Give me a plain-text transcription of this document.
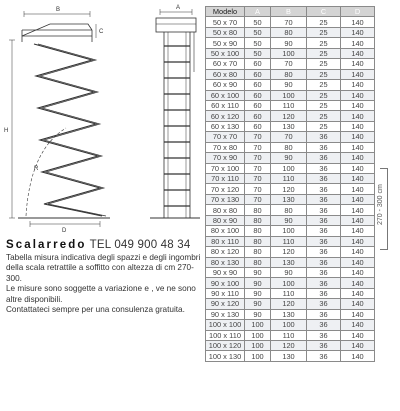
B
C
H
D
R
A
Scalarredo TEL 049 900 48 34

Tabella misura indicativa degli spazzi e degli ingombri della scala retrattile a soffitto con altezza di cm 270-300.

Le misure sono soggette a variazione e , ve ne sono altre disponibili.

Contattateci sempre per una consulenza gratuita.

Modelo	A	B	C	D
50 x 70	50	70	25	140
50 x 80	50	80	25	140
50 x 90	50	90	25	140
50 x 100	50	100	25	140
60 x 70	60	70	25	140
60 x 80	60	80	25	140
60 x 90	60	90	25	140
60 x 100	60	100	25	140
60 x 110	60	110	25	140
60 x 120	60	120	25	140
60 x 130	60	130	25	140
70 x 70	70	70	36	140
70 x 80	70	80	36	140
70 x 90	70	90	36	140
70 x 100	70	100	36	140
70 x 110	70	110	36	140
70 x 120	70	120	36	140
70 x 130	70	130	36	140
80 x 80	80	80	36	140
80 x 90	80	90	36	140
80 x 100	80	100	36	140
80 x 110	80	110	36	140
80 x 120	80	120	36	140
80 x 130	80	130	36	140
90 x 90	90	90	36	140
90 x 100	90	100	36	140
90 x 110	90	110	36	140
90 x 120	90	120	36	140
90 x 130	90	130	36	140
100 x 100	100	100	36	140
100 x 110	100	110	36	140
100 x 120	100	120	36	140
100 x 130	100	130	36	140
270 - 300 cm
